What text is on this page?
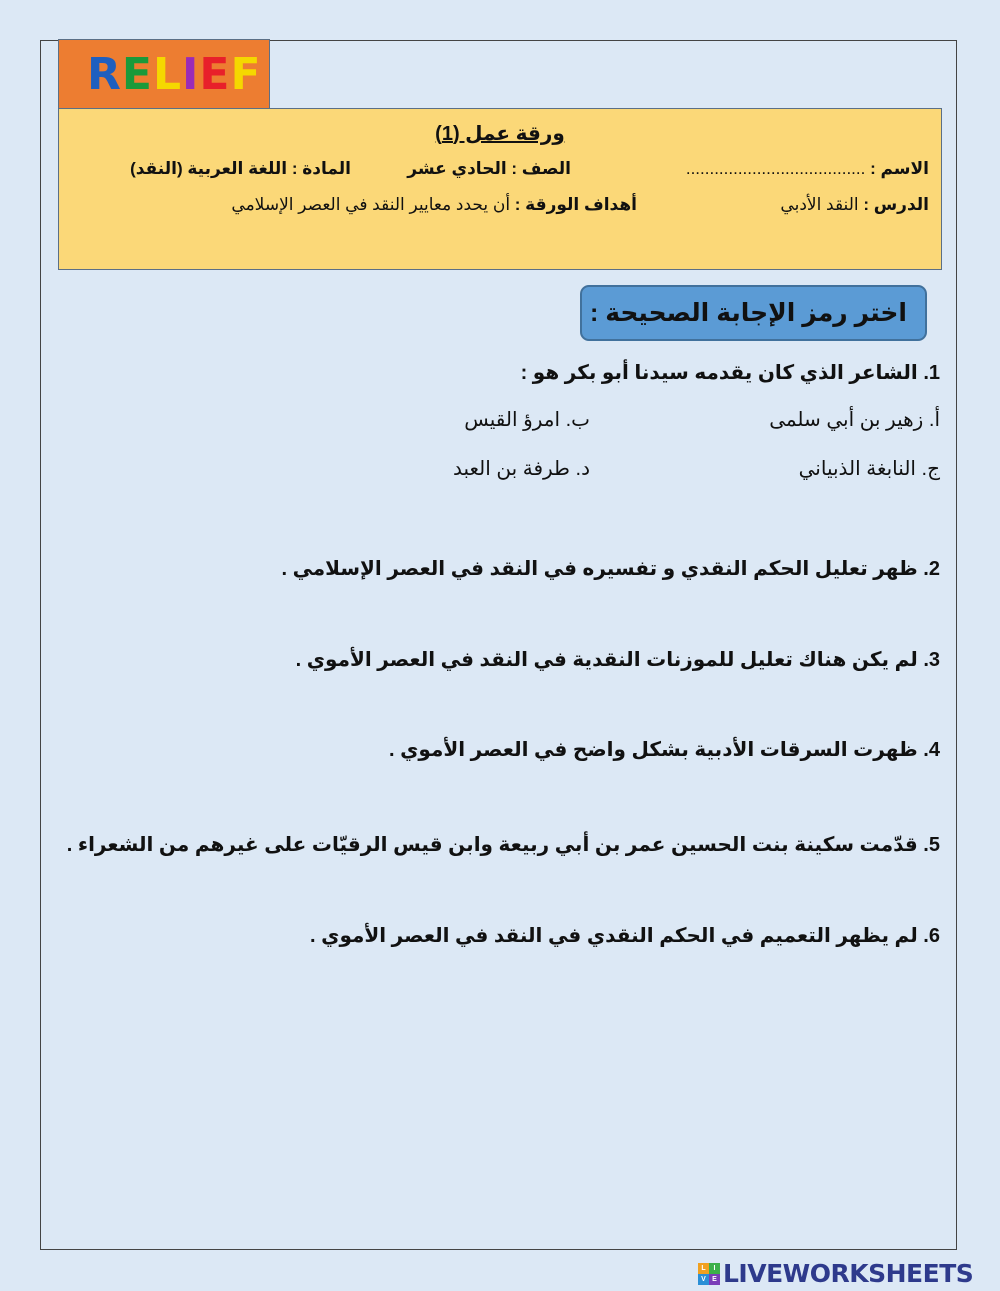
R E L I E F
ورقة عمل (1)
الاسم : ......................................
الصف : الحادي عشر
المادة : اللغة العربية (النقد)
الدرس : النقد الأدبي
أهداف الورقة : أن يحدد معايير النقد في العصر الإسلامي
اختر رمز الإجابة الصحيحة :
1. الشاعر الذي كان يقدمه سيدنا أبو بكر هو :
أ. زهير بن أبي سلمى
ب. امرؤ القيس
ج. النابغة الذبياني
د. طرفة بن العبد
2. ظهر تعليل الحكم النقدي و تفسيره في النقد في العصر الإسلامي .
3. لم يكن هناك تعليل للموزنات النقدية في النقد في العصر الأموي .
4. ظهرت السرقات الأدبية بشكل واضح في العصر الأموي .
5. قدّمت سكينة بنت الحسين عمر بن أبي ربيعة وابن قيس الرقيّات على غيرهم من الشعراء .
6. لم يظهر التعميم في الحكم النقدي في النقد في العصر الأموي .
L	I
V E LIVEWORKSHEETS
